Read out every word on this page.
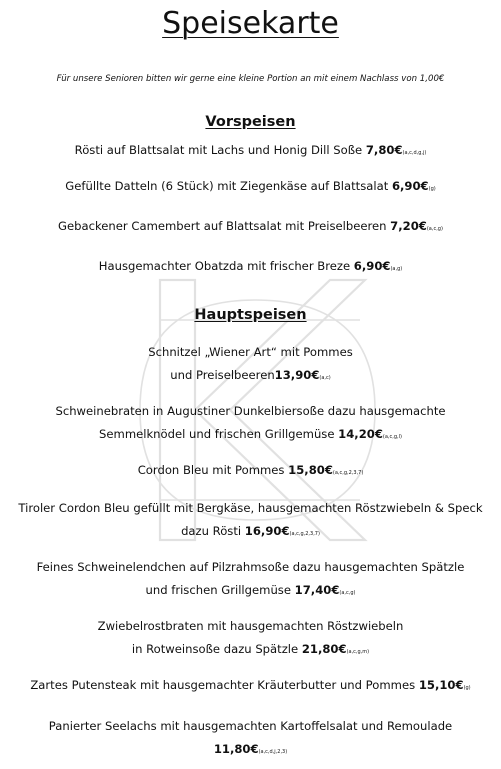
Speisekarte
Für unsere Senioren bitten wir gerne eine kleine Portion an mit einem Nachlass von 1,00€
Vorspeisen
Rösti auf Blattsalat mit Lachs und Honig Dill Soße 7,80€(a,c,d,g,j)
Gefüllte Datteln (6 Stück) mit Ziegenkäse auf Blattsalat 6,90€(g)
Gebackener Camembert auf Blattsalat mit Preiselbeeren 7,20€(a,c,g)
Hausgemachter Obatzda mit frischer Breze 6,90€(a,g)
Hauptspeisen
Schnitzel „Wiener Art“ mit Pommes
und Preiselbeeren13,90€(a,c)
Schweinebraten in Augustiner Dunkelbiersoße dazu hausgemachte
Semmelknödel und frischen Grillgemüse 14,20€(a,c,g,l)
Cordon Bleu mit Pommes 15,80€(a,c,g,2,3,7)
Tiroler Cordon Bleu gefüllt mit Bergkäse, hausgemachten Röstzwiebeln & Speck
dazu Rösti 16,90€(a,c,g,2,3,7)
Feines Schweinelendchen auf Pilzrahmsoße dazu hausgemachten Spätzle
und frischen Grillgemüse 17,40€(a,c,g)
Zwiebelrostbraten mit hausgemachten Röstzwiebeln
in Rotweinsoße dazu Spätzle 21,80€(a,c,g,m)
Zartes Putensteak mit hausgemachter Kräuterbutter und Pommes 15,10€(g)
Panierter Seelachs mit hausgemachten Kartoffelsalat und Remoulade
11,80€(a,c,d,j,2,3)
